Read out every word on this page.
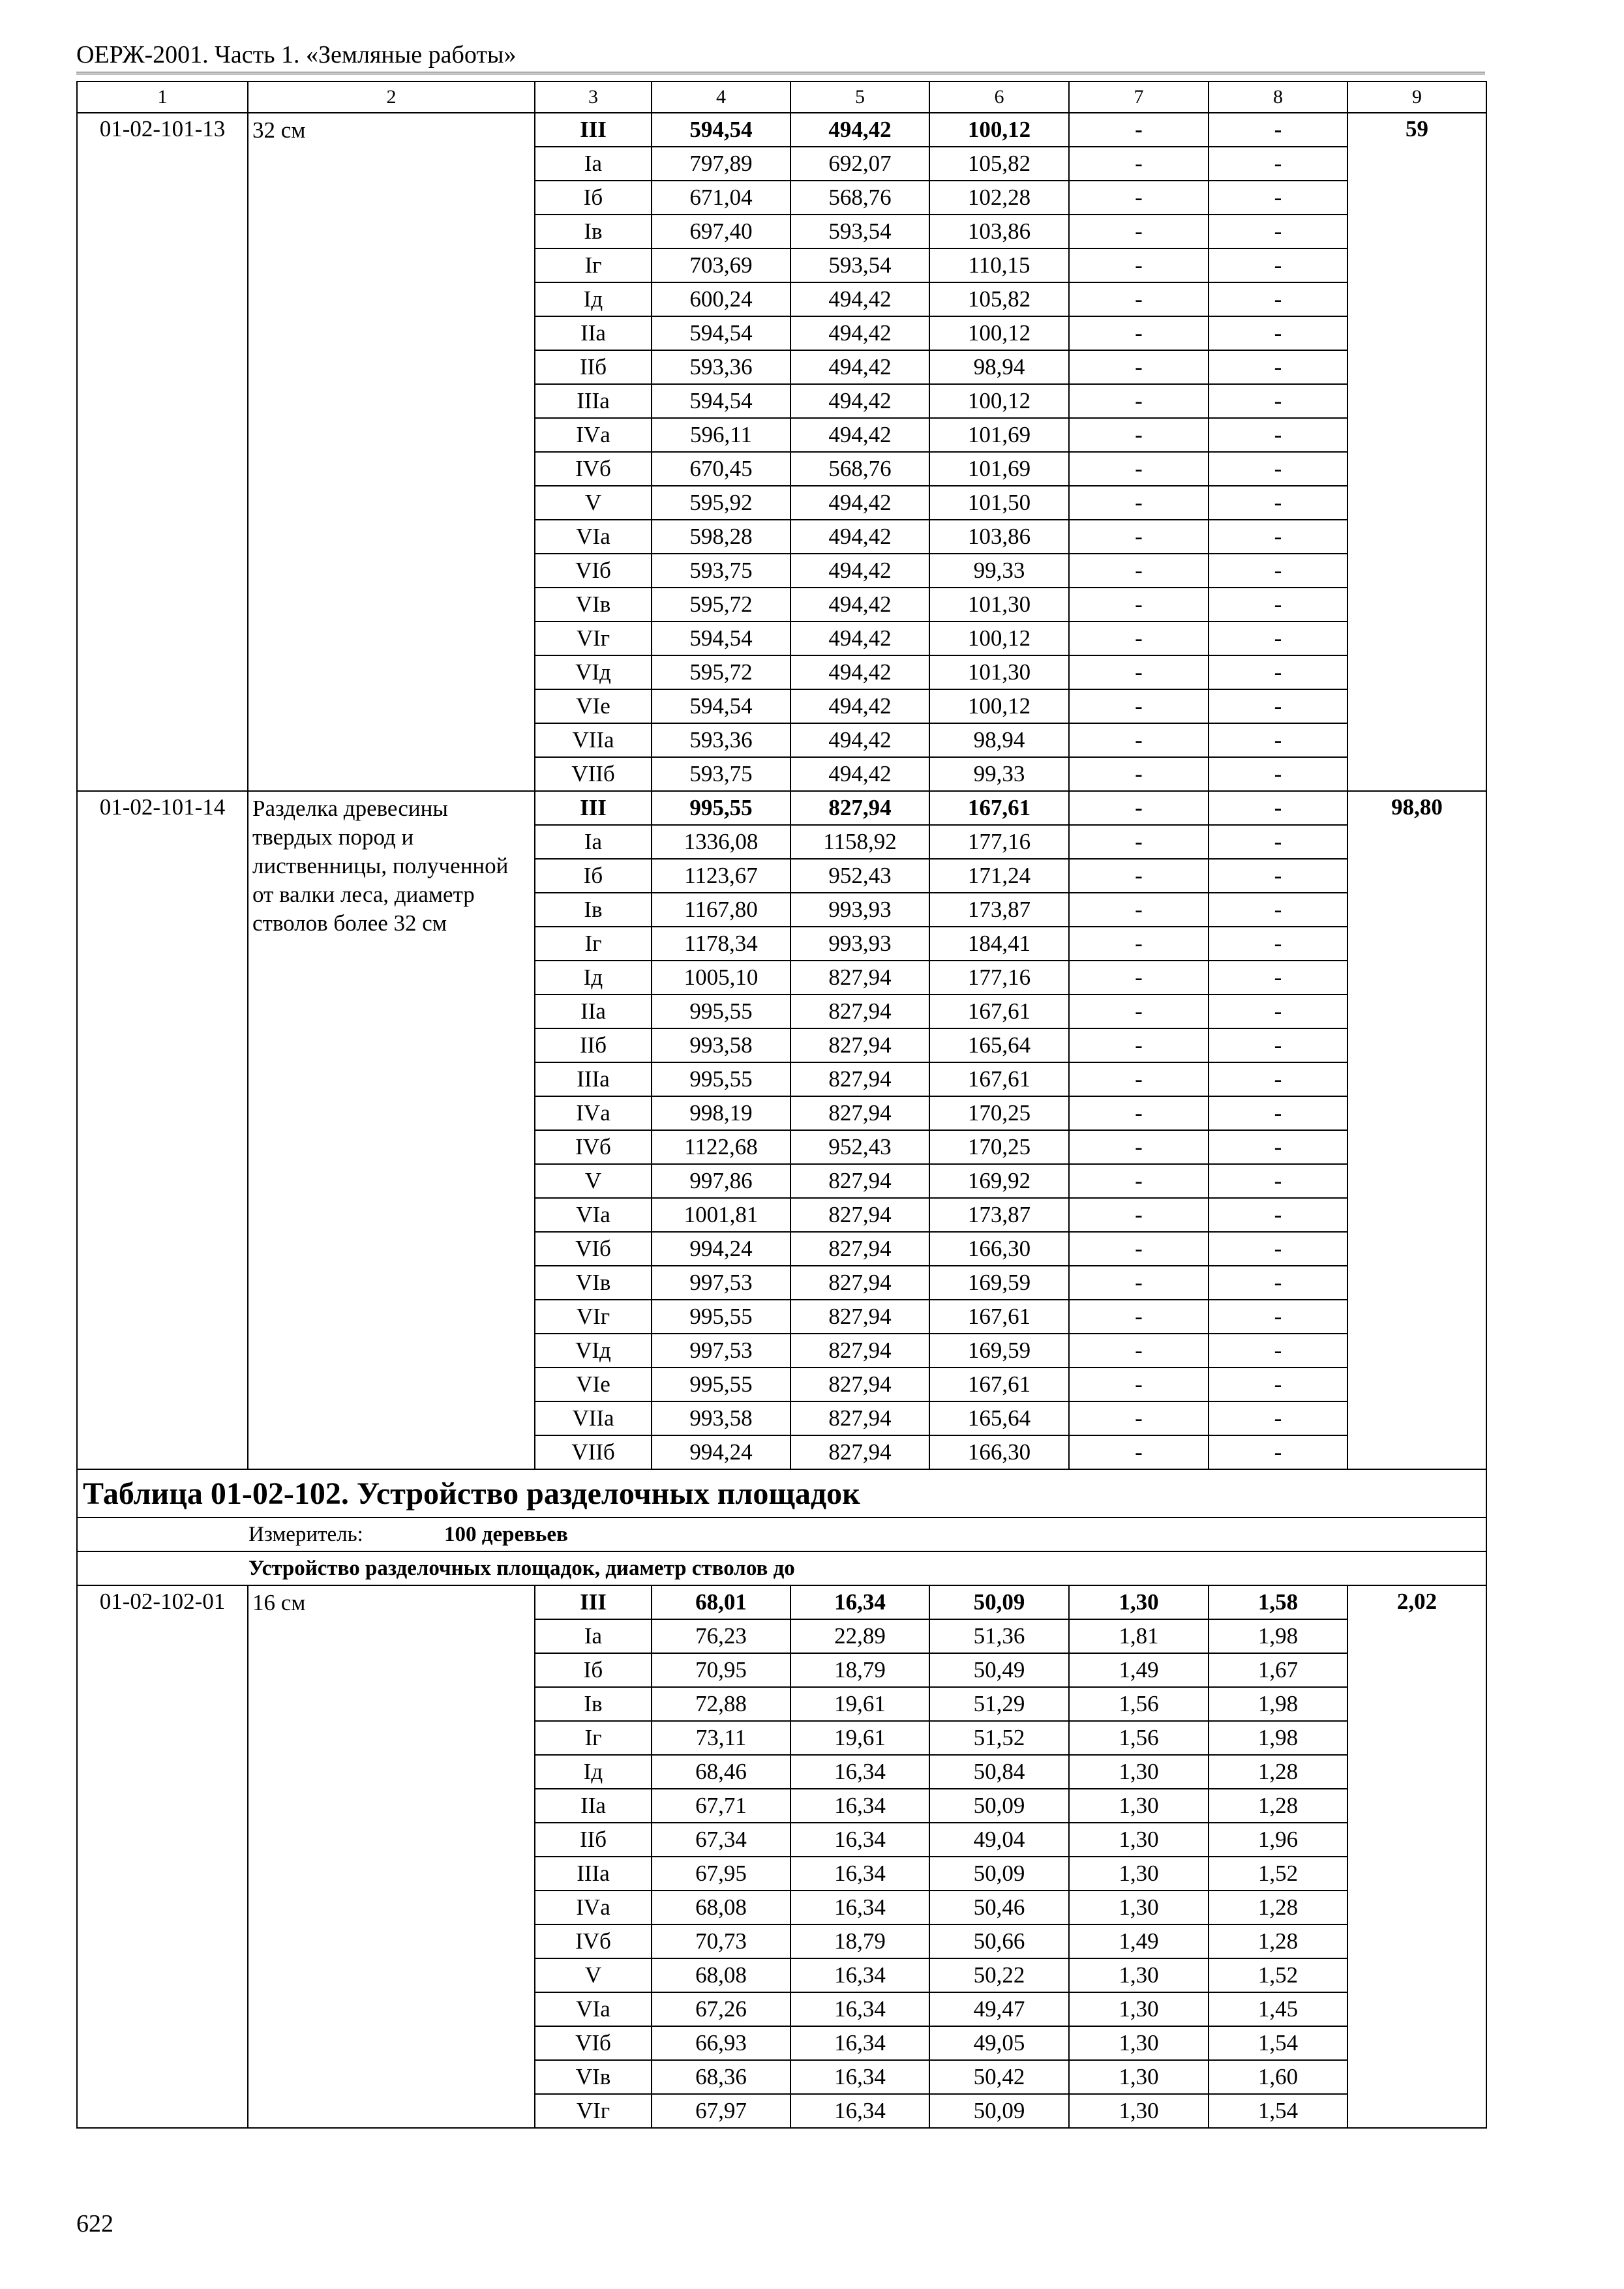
ОЕРЖ-2001. Часть 1. «Земляные работы»
1	2	3	4	5	6	7	8	9
01-02-101-13	32 см	III	594,54	494,42	100,12	-	-	59
		Iа	797,89	692,07	105,82	-	-	
		Iб	671,04	568,76	102,28	-	-	
		Iв	697,40	593,54	103,86	-	-	
		Iг	703,69	593,54	110,15	-	-	
		Iд	600,24	494,42	105,82	-	-	
		IIа	594,54	494,42	100,12	-	-	
		IIб	593,36	494,42	98,94	-	-	
		IIIа	594,54	494,42	100,12	-	-	
		IVа	596,11	494,42	101,69	-	-	
		IVб	670,45	568,76	101,69	-	-	
		V	595,92	494,42	101,50	-	-	
		VIа	598,28	494,42	103,86	-	-	
		VIб	593,75	494,42	99,33	-	-	
		VIв	595,72	494,42	101,30	-	-	
		VIг	594,54	494,42	100,12	-	-	
		VIд	595,72	494,42	101,30	-	-	
		VIе	594,54	494,42	100,12	-	-	
		VIIа	593,36	494,42	98,94	-	-	
		VIIб	593,75	494,42	99,33	-	-	
01-02-101-14	Разделка древесины твердых пород и лиственницы, полученной от валки леса, диаметр стволов более 32 см	III	995,55	827,94	167,61	-	-	98,80
		Iа	1336,08	1158,92	177,16	-	-	
		Iб	1123,67	952,43	171,24	-	-	
		Iв	1167,80	993,93	173,87	-	-	
		Iг	1178,34	993,93	184,41	-	-	
		Iд	1005,10	827,94	177,16	-	-	
		IIа	995,55	827,94	167,61	-	-	
		IIб	993,58	827,94	165,64	-	-	
		IIIа	995,55	827,94	167,61	-	-	
		IVа	998,19	827,94	170,25	-	-	
		IVб	1122,68	952,43	170,25	-	-	
		V	997,86	827,94	169,92	-	-	
		VIа	1001,81	827,94	173,87	-	-	
		VIб	994,24	827,94	166,30	-	-	
		VIв	997,53	827,94	169,59	-	-	
		VIг	995,55	827,94	167,61	-	-	
		VIд	997,53	827,94	169,59	-	-	
		VIе	995,55	827,94	167,61	-	-	
		VIIа	993,58	827,94	165,64	-	-	
		VIIб	994,24	827,94	166,30	-	-	
Таблица 01-02-102. Устройство разделочных площадок								
Измеритель: 100 деревьев								
Устройство разделочных площадок, диаметр стволов до								
01-02-102-01	16 см	III	68,01	16,34	50,09	1,30	1,58	2,02
		Iа	76,23	22,89	51,36	1,81	1,98	
		Iб	70,95	18,79	50,49	1,49	1,67	
		Iв	72,88	19,61	51,29	1,56	1,98	
		Iг	73,11	19,61	51,52	1,56	1,98	
		Iд	68,46	16,34	50,84	1,30	1,28	
		IIа	67,71	16,34	50,09	1,30	1,28	
		IIб	67,34	16,34	49,04	1,30	1,96	
		IIIа	67,95	16,34	50,09	1,30	1,52	
		IVа	68,08	16,34	50,46	1,30	1,28	
		IVб	70,73	18,79	50,66	1,49	1,28	
		V	68,08	16,34	50,22	1,30	1,52	
		VIа	67,26	16,34	49,47	1,30	1,45	
		VIб	66,93	16,34	49,05	1,30	1,54	
		VIв	68,36	16,34	50,42	1,30	1,60	
		VIг	67,97	16,34	50,09	1,30	1,54	
622
